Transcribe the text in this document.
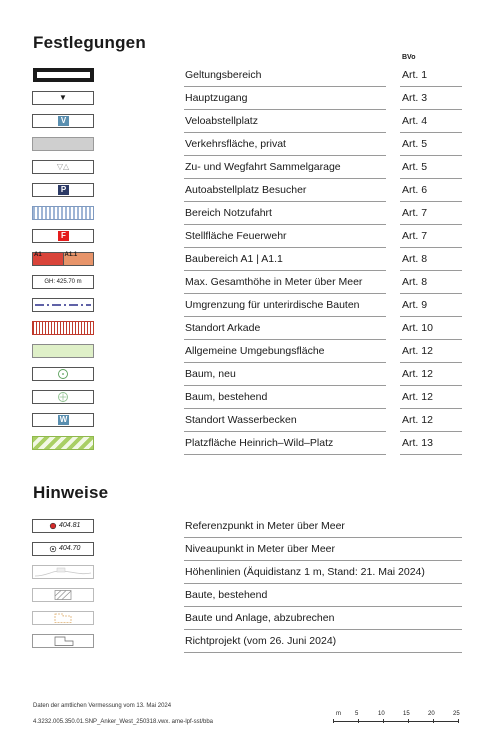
Festlegungen
BVo
Geltungsbereich	Art. 1
▼	Hauptzugang	Art. 3
V	Veloabstellplatz	Art. 4
Verkehrsfläche, privat	Art. 5
▽△	Zu- und Wegfahrt Sammelgarage	Art. 5
P	Autoabstellplatz Besucher	Art. 6
Bereich Notzufahrt	Art. 7
F	Stellfläche Feuerwehr	Art. 7
A1	A1.1	Baubereich A1 | A1.1	Art. 8
GH: 425.70 m	Max. Gesamthöhe in Meter über Meer	Art. 8
Umgrenzung für unterirdische Bauten	Art. 9
Standort Arkade	Art. 10
Allgemeine Umgebungsfläche	Art. 12
Baum, neu	Art. 12
Baum, bestehend	Art. 12
W	Standort Wasserbecken	Art. 12
Platzfläche Heinrich–Wild–Platz	Art. 13
Hinweise
404.81	Referenzpunkt in Meter über Meer
404.70	Niveaupunkt in Meter über Meer
Höhenlinien (Äquidistanz 1 m, Stand: 21. Mai 2024)
Baute, bestehend
Baute und Anlage, abzubrechen
Richtprojekt (vom 26. Juni 2024)
Daten der amtlichen Vermessung vom 13. Mai 2024
4.3232.005.350.01.SNP_Anker_West_250318.vwx. ame-lpf-sst/bba
m 5	10	15	20	25
